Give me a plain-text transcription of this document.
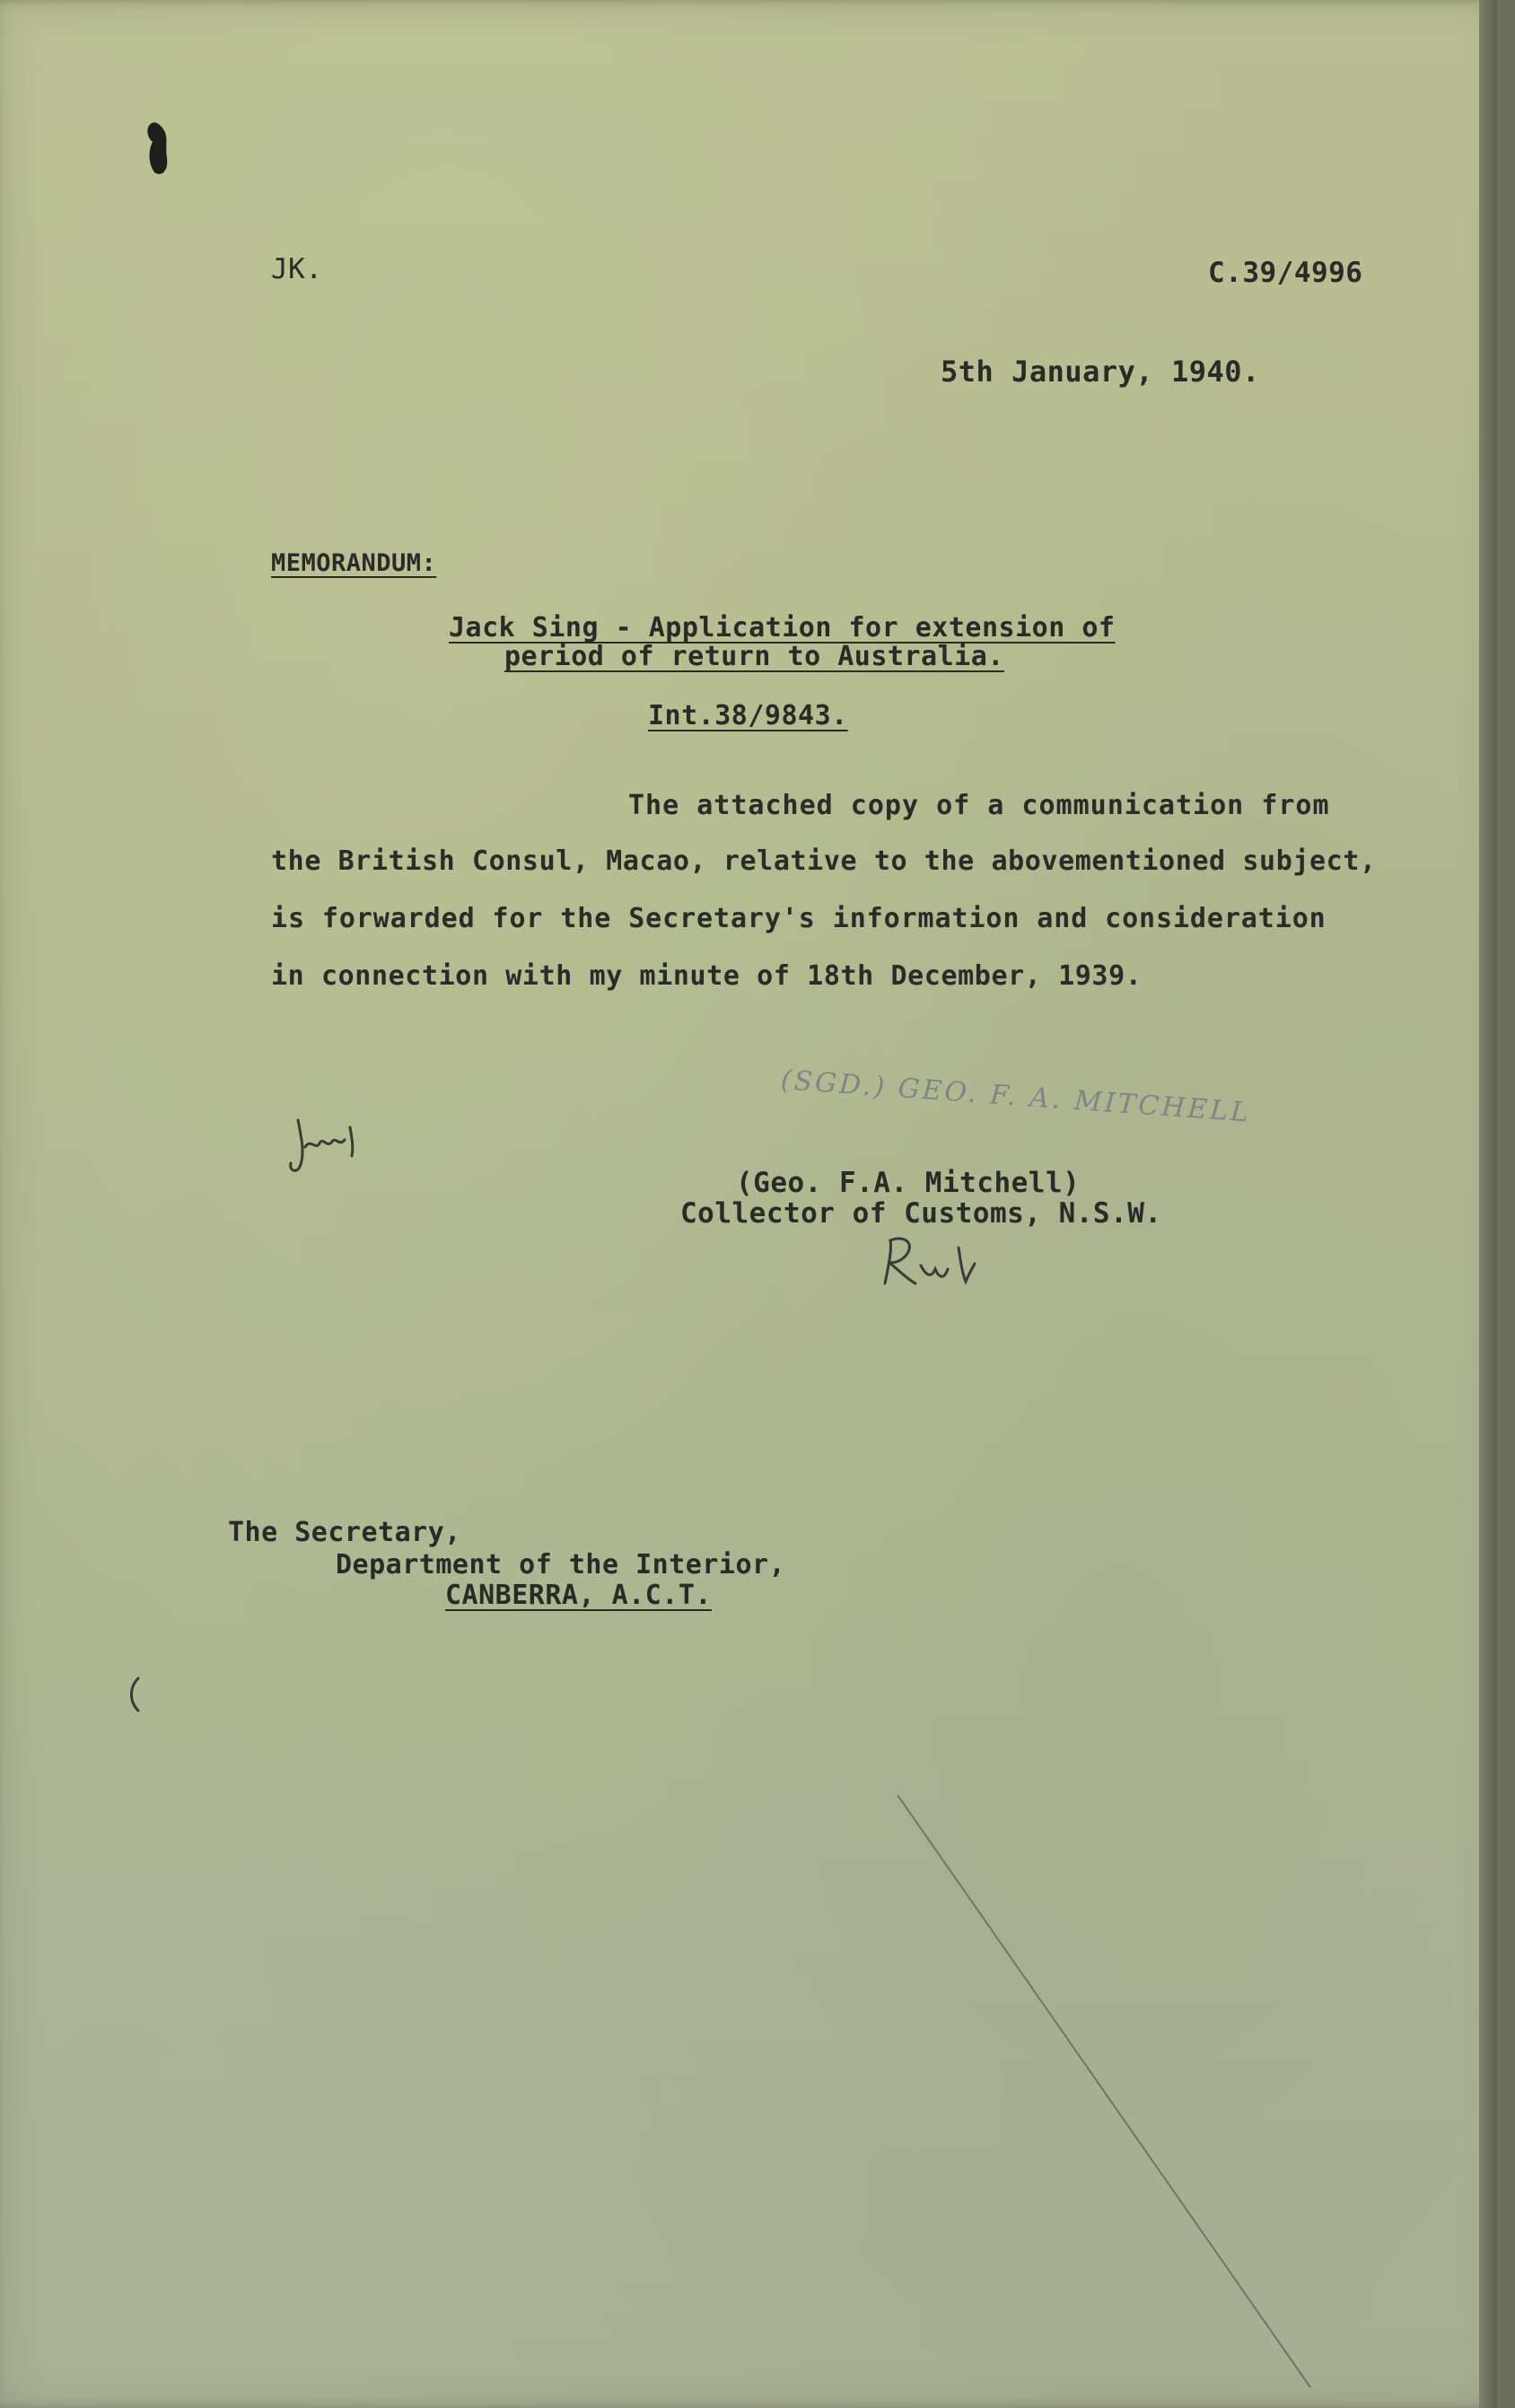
JK.	C.39/4996

5th January, 1940.

MEMORANDUM:

Jack Sing - Application for extension of

period of return to Australia.

Int.38/9843.

The attached copy of a communication from

the British Consul, Macao, relative to the abovementioned subject,

is forwarded for the Secretary's information and consideration

in connection with my minute of 18th December, 1939.

(SGD.) GEO. F. A. MITCHELL

(Geo. F.A. Mitchell)

Collector of Customs, N.S.W.

The Secretary,

Department of the Interior,

CANBERRA, A.C.T.
